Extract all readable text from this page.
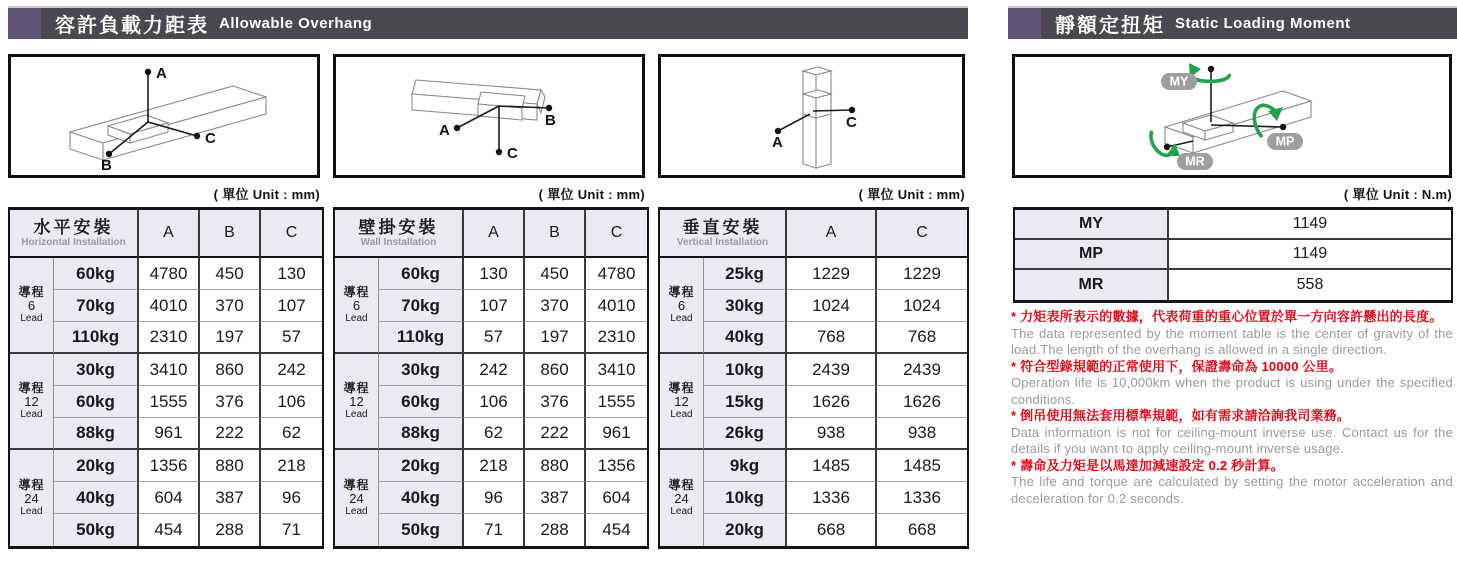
容許負載力距表 Allowable Overhang	靜額定扭矩 Static Loading Moment
A
B
C	A
B
C
A
C
MY
MP
MR
( 單位 Unit : mm)	( 單位 Unit : mm)	( 單位 Unit : mm)	( 單位 Unit : N.m)
水平安裝
Horizontal Installation		A	B	C

導程
6
Lead	60kg	4780	450	130
	70kg	4010	370	107
	110kg	2310	197	57

導程
12
Lead	30kg	3410	860	242
	60kg	1555	376	106
	88kg	961	222	62

導程
24
Lead	20kg	1356	880	218
	40kg	604	387	96
	50kg	454	288	71
壁掛安裝
Wall Installation		A	B	C

導程
6
Lead	60kg	130	450	4780
	70kg	107	370	4010
	110kg	57	197	2310

導程
12
Lead	30kg	242	860	3410
	60kg	106	376	1555
	88kg	62	222	961

導程
24
Lead	20kg	218	880	1356
	40kg	96	387	604
	50kg	71	288	454
垂直安裝
Vertical Installation		A	C

導程
6
Lead	25kg	1229	1229
	30kg	1024	1024
	40kg	768	768

導程
12
Lead	10kg	2439	2439
	15kg	1626	1626
	26kg	938	938

導程
24
Lead	9kg	1485	1485
	10kg	1336	1336
	20kg	668	668
MY	1149
MP	1149
MR	558

* 力矩表所表示的數據，代表荷重的重心位置於單一方向容許懸出的長度。

The data represented by the moment table is the center of gravity of the load.The length of the overhang is allowed in a single direction.

* 符合型錄規範的正常使用下，保證壽命為 10000 公里。

Operation life is 10,000km when the product is using under the specified conditions.

* 倒吊使用無法套用標準規範，如有需求請洽詢我司業務。

Data information is not for ceiling-mount inverse use. Contact us for the details if you want to apply ceiling-mount inverse usage.

* 壽命及力矩是以馬達加減速設定 0.2 秒計算。

The life and torque are calculated by setting the motor acceleration and deceleration for 0.2 seconds.
